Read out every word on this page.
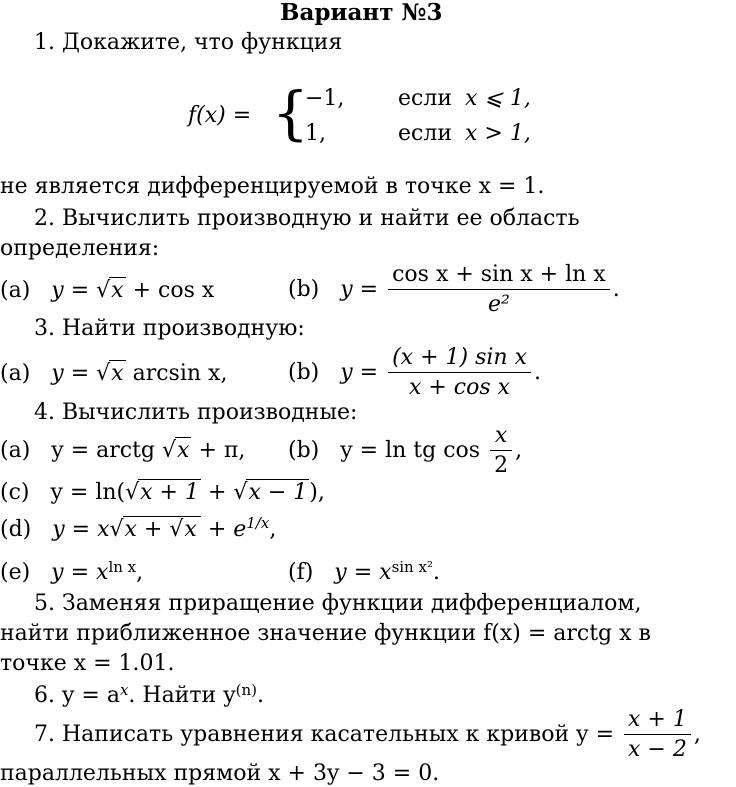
Вариант №3
1. Докажите, что функция
f(x) = {
−1, если x ⩽ 1,
1,	если x > 1,
не является дифференцируемой в точке x = 1.
2. Вычислить производную и найти ее область
определения:
(a) y = √x + cos x	(b) $y = \frac{\text{cos x + sin x + ln x}}{\text{e²}}$ .
3. Найти производную:
(a) y = √x arcsin x,	(b) $y = \frac{\text{(x + 1) sin x}}{\text{x + cos x}}$ .
4. Вычислить производные:
(a) y = arctg √x + π, (b) y = ln tg $\cos \frac{x}{2}$ ,
(c) y = ln(√x + 1 + √x − 1),
(d) $y = x√x + √x + e^{1/x}$,
(e) $y = x^{ln x}$,	(f) $y = x^{sin x^2}$.
5. Заменяя приращение функции дифференциалом,
найти приближенное значение функции f(x) = arctg x в
точке x = 1.01.
6. $y = a^x$. Найти $y^{(n)}$.
7. Написать уравнения касательных к кривой $y = \frac{x + 1}{x - 2}$ ,
параллельных прямой x + 3y − 3 = 0.
